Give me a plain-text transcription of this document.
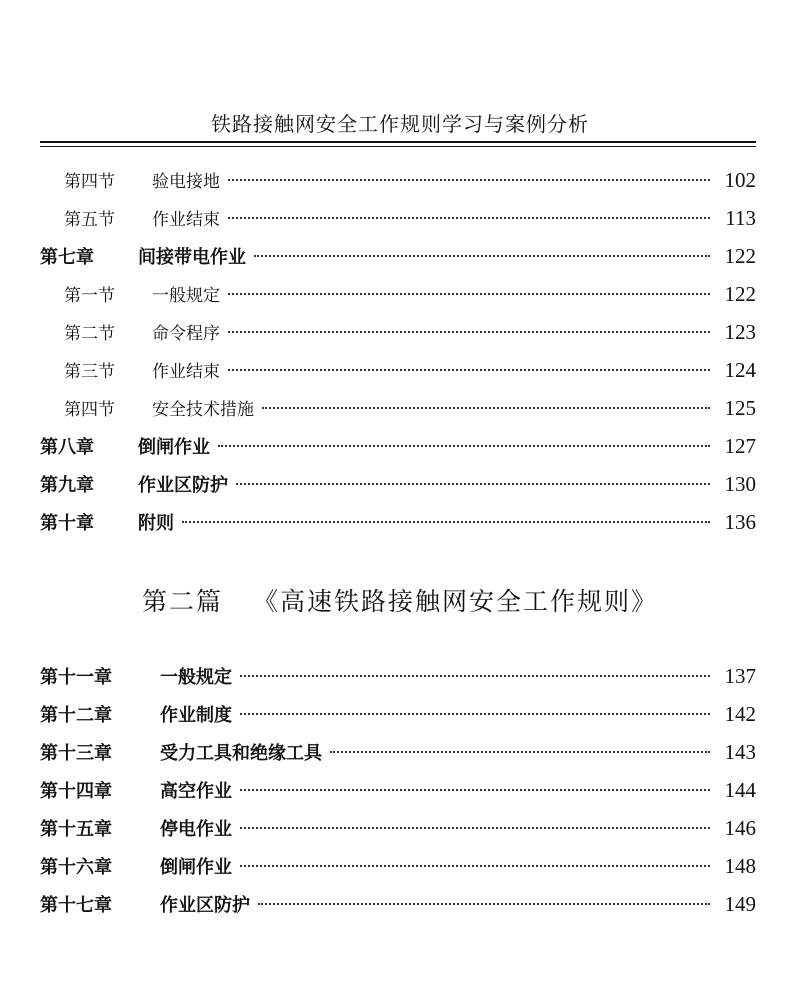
铁路接触网安全工作规则学习与案例分析
第四节	验电接地	102
第五节	作业结束	113
第七章	间接带电作业	122
第一节	一般规定	122
第二节	命令程序	123
第三节	作业结束	124
第四节	安全技术措施	125
第八章	倒闸作业	127
第九章	作业区防护	130
第十章	附则	136
第二篇 《高速铁路接触网安全工作规则》
第十一章	一般规定	137
第十二章	作业制度	142
第十三章	受力工具和绝缘工具	143
第十四章	高空作业	144
第十五章	停电作业	146
第十六章	倒闸作业	148
第十七章	作业区防护	149
